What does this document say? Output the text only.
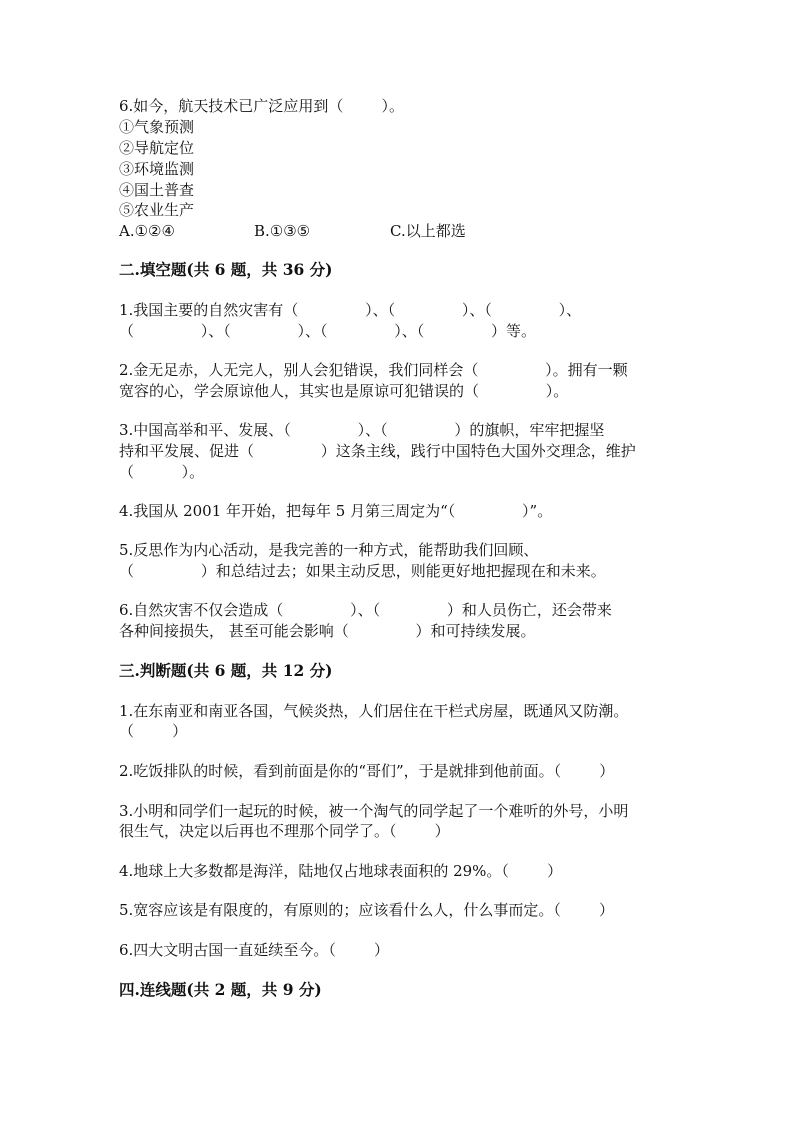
6.如今，航天技术已广泛应用到（        ）。
①气象预测
②导航定位
③环境监测
④国土普查
⑤农业生产
A.①②④	B.①③⑤	C.以上都选
二.填空题(共 6 题，共 36 分)
1.我国主要的自然灾害有（              ）、（              ）、（              ）、
（              ）、（              ）、（              ）、（              ）等。
2.金无足赤，人无完人，别人会犯错误，我们同样会（              ）。拥有一颗
宽容的心，学会原谅他人，其实也是原谅可犯错误的（              ）。
3.中国高举和平、发展、（              ）、（              ）的旗帜，牢牢把握坚
持和平发展、促进（              ）这条主线，践行中国特色大国外交理念，维护
（          ）。
4.我国从 2001 年开始，把每年 5 月第三周定为“（              ）”。
5.反思作为内心活动，是我完善的一种方式，能帮助我们回顾、
（              ）和总结过去；如果主动反思，则能更好地把握现在和未来。
6.自然灾害不仅会造成（              ）、（              ）和人员伤亡，还会带来
各种间接损失， 甚至可能会影响（              ）和可持续发展。
三.判断题(共 6 题，共 12 分)
1.在东南亚和南亚各国，气候炎热，人们居住在干栏式房屋，既通风又防潮。
（        ）
2.吃饭排队的时候，看到前面是你的“哥们”，于是就排到他前面。（        ）
3.小明和同学们一起玩的时候，被一个淘气的同学起了一个难听的外号，小明
很生气，决定以后再也不理那个同学了。（        ）
4.地球上大多数都是海洋，陆地仅占地球表面积的 29%。（        ）
5.宽容应该是有限度的，有原则的；应该看什么人，什么事而定。（        ）
6.四大文明古国一直延续至今。（        ）
四.连线题(共 2 题，共 9 分)
